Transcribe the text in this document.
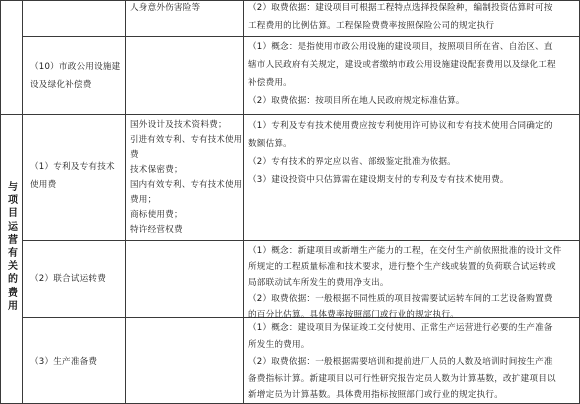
与项目运营有关的费用
人身意外伤害险等	（2）取费依据：建设项目可根据工程特点选择投保险种，编制投资估算时可按
工程费用的比例估算。工程保险费费率按照保险公司的规定执行
（10）市政公用设施建
设及绿化补偿费
（1）概念：是指使用市政公用设施的建设项目，按照项目所在省、自治区、直
辖市人民政府有关规定，建设或者缴纳市政公用设施建设配套费用以及绿化工程
补偿费用。
（2）取费依据：按项目所在地人民政府规定标准估算。
（1）专利及专有技术
使用费
国外设计及技术资料费；
引进有效专利、专有技术使用
费
技术保密费；
国内有效专利、专有技术使用
费用；
商标使用费；
特许经营权费
（1）专利及专有技术使用费应按专利使用许可协议和专有技术使用合同确定的
数额估算。
（2）专有技术的界定应以省、部级鉴定批准为依据。
（3）建设投资中只估算需在建设期支付的专利及专有技术使用费。
（2）联合试运转费
（1）概念：新建项目或新增生产能力的工程，在交付生产前依照批准的设计文件
所规定的工程质量标准和技术要求，进行整个生产线或装置的负荷联合试运转或
局部联动试车所发生的费用净支出。
（2）取费依据：一般根据不同性质的项目按需要试运转车间的工艺设备购置费
的百分比估算。具体费率按照部门或行业的规定执行。
（3）生产准备费
（1）概念：建设项目为保证竣工交付使用、正常生产运营进行必要的生产准备
所发生的费用。
（2）取费依据：一般根据需要培训和提前进厂人员的人数及培训时间按生产准
备费指标计算。新建项目以可行性研究报告定员人数为计算基数，改扩建项目以
新增定员为计算基数。具体费用指标按照部门或行业的规定执行。
